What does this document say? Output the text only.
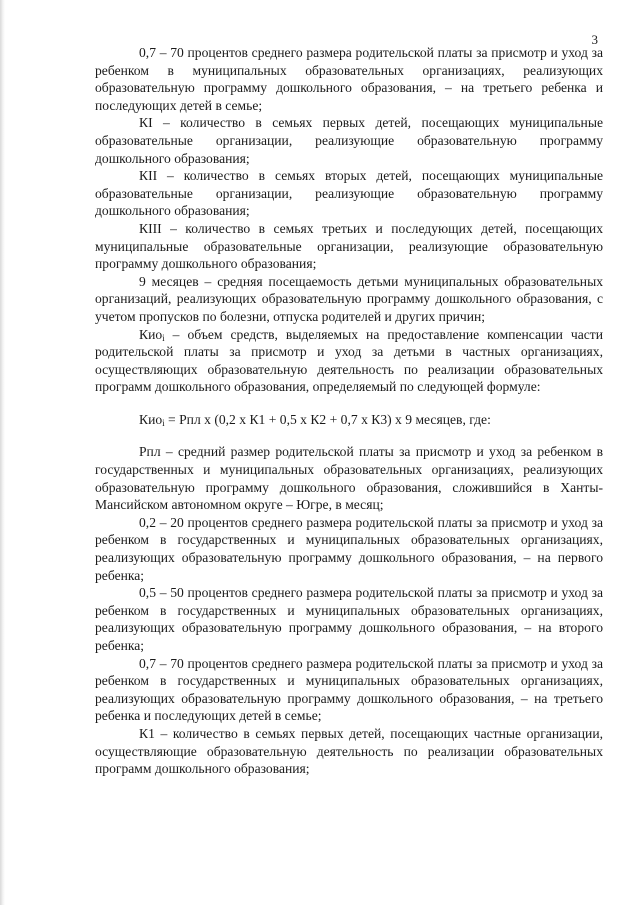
3

0,7 – 70 процентов среднего размера родительской платы за присмотр и уход за ребенком в муниципальных образовательных организациях, реализующих образовательную программу дошкольного образования, – на третьего ребенка и последующих детей в семье;

КI – количество в семьях первых детей, посещающих муниципальные образовательные организации, реализующие образовательную программу дошкольного образования;

КII – количество в семьях вторых детей, посещающих муниципальные образовательные организации, реализующие образовательную программу дошкольного образования;

КIII – количество в семьях третьих и последующих детей, посещающих муниципальные образовательные организации, реализующие образовательную программу дошкольного образования;

9 месяцев – средняя посещаемость детьми муниципальных образовательных организаций, реализующих образовательную программу дошкольного образования, с учетом пропусков по болезни, отпуска родителей и других причин;

Кио$_i$ – объем средств, выделяемых на предоставление компенсации части родительской платы за присмотр и уход за детьми в частных организациях, осуществляющих образовательную деятельность по реализации образовательных программ дошкольного образования, определяемый по следующей формуле:

Кио$_i$ = Рпл х (0,2 х К1 + 0,5 х К2 + 0,7 х К3) х 9 месяцев, где:

Рпл – средний размер родительской платы за присмотр и уход за ребенком в государственных и муниципальных образовательных организациях, реализующих образовательную программу дошкольного образования, сложившийся в Ханты-Мансийском автономном округе – Югре, в месяц;

0,2 – 20 процентов среднего размера родительской платы за присмотр и уход за ребенком в государственных и муниципальных образовательных организациях, реализующих образовательную программу дошкольного образования, – на первого ребенка;

0,5 – 50 процентов среднего размера родительской платы за присмотр и уход за ребенком в государственных и муниципальных образовательных организациях, реализующих образовательную программу дошкольного образования, – на второго ребенка;

0,7 – 70 процентов среднего размера родительской платы за присмотр и уход за ребенком в государственных и муниципальных образовательных организациях, реализующих образовательную программу дошкольного образования, – на третьего ребенка и последующих детей в семье;

К1 – количество в семьях первых детей, посещающих частные организации, осуществляющие образовательную деятельность по реализации образовательных программ дошкольного образования;
